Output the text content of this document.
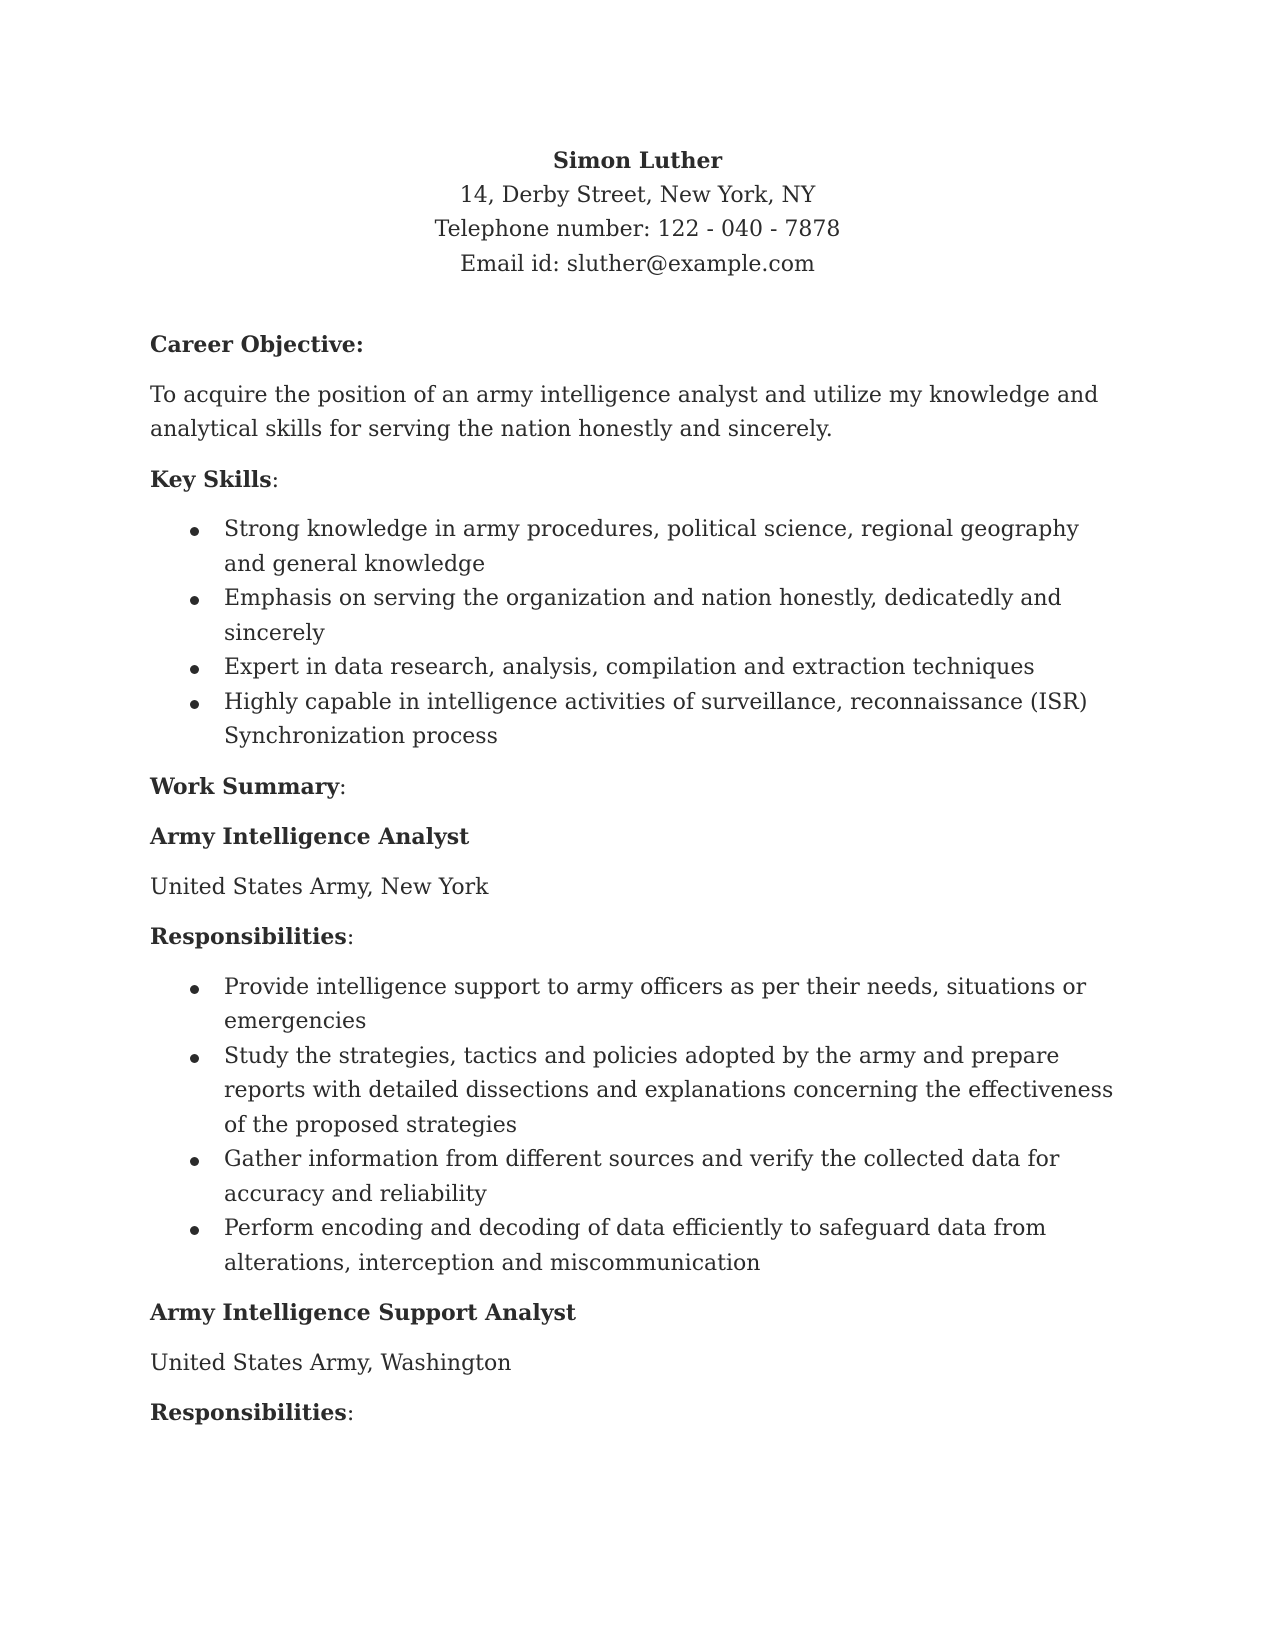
Simon Luther
14, Derby Street, New York, NY
Telephone number: 122 - 040 - 7878
Email id: sluther@example.com
Career Objective:

To acquire the position of an army intelligence analyst and utilize my knowledge and analytical skills for serving the nation honestly and sincerely.

Key Skills:
Strong knowledge in army procedures, political science, regional geography and general knowledge
Emphasis on serving the organization and nation honestly, dedicatedly and sincerely
Expert in data research, analysis, compilation and extraction techniques
Highly capable in intelligence activities of surveillance, reconnaissance (ISR) Synchronization process
Work Summary:
Army Intelligence Analyst
United States Army, New York
Responsibilities:
Provide intelligence support to army officers as per their needs, situations or emergencies
Study the strategies, tactics and policies adopted by the army and prepare reports with detailed dissections and explanations concerning the effectiveness of the proposed strategies
Gather information from different sources and verify the collected data for accuracy and reliability
Perform encoding and decoding of data efficiently to safeguard data from alterations, interception and miscommunication
Army Intelligence Support Analyst
United States Army, Washington
Responsibilities:
